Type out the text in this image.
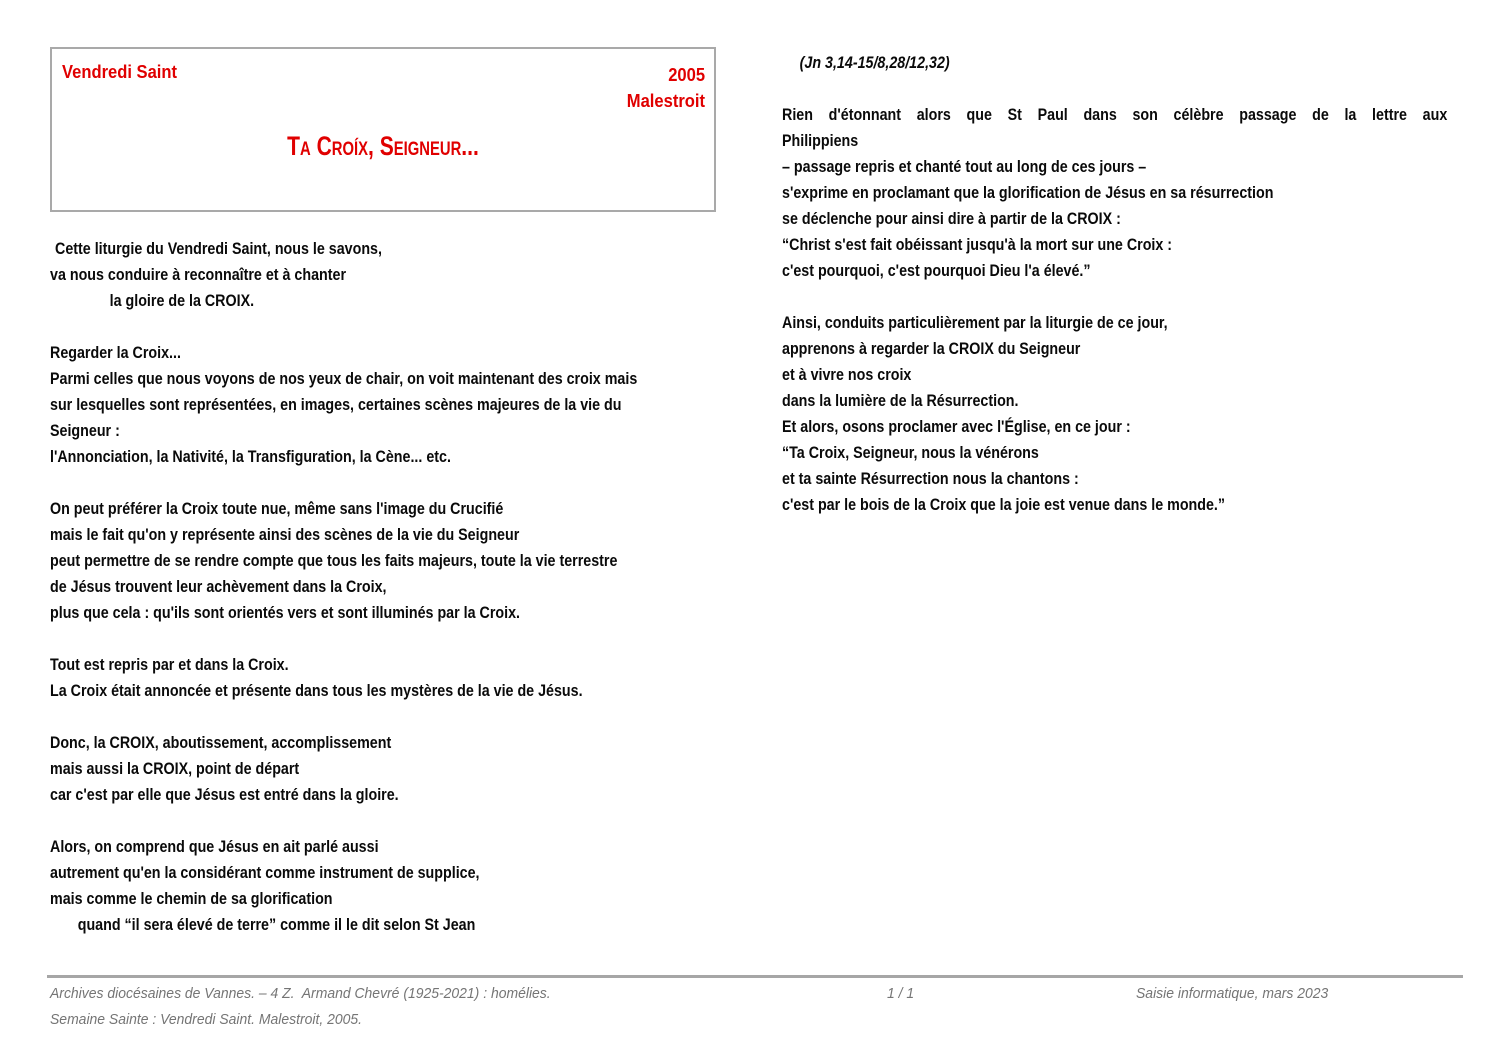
Vendredi Saint	2005
Malestroit
Ta Croíx, Seigneur...
Cette liturgie du Vendredi Saint, nous le savons,
va nous conduire à reconnaître et à chanter
la gloire de la CROIX.
Regarder la Croix...
Parmi celles que nous voyons de nos yeux de chair, on voit maintenant des croix mais
sur lesquelles sont représentées, en images, certaines scènes majeures de la vie du
Seigneur :
l'Annonciation, la Nativité, la Transfiguration, la Cène... etc.
On peut préférer la Croix toute nue, même sans l'image du Crucifié
mais le fait qu'on y représente ainsi des scènes de la vie du Seigneur
peut permettre de se rendre compte que tous les faits majeurs, toute la vie terrestre
de Jésus trouvent leur achèvement dans la Croix,
plus que cela : qu'ils sont orientés vers et sont illuminés par la Croix.
Tout est repris par et dans la Croix.
La Croix était annoncée et présente dans tous les mystères de la vie de Jésus.
Donc, la CROIX, aboutissement, accomplissement
mais aussi la CROIX, point de départ
car c'est par elle que Jésus est entré dans la gloire.
Alors, on comprend que Jésus en ait parlé aussi
autrement qu'en la considérant comme instrument de supplice,
mais comme le chemin de sa glorification
quand “il sera élevé de terre” comme il le dit selon St Jean
(Jn 3,14-15/8,28/12,32)
Rien d'étonnant alors que St Paul dans son célèbre passage de la lettre aux
Philippiens
– passage repris et chanté tout au long de ces jours –
s'exprime en proclamant que la glorification de Jésus en sa résurrection
se déclenche pour ainsi dire à partir de la CROIX :
“Christ s'est fait obéissant jusqu'à la mort sur une Croix :
c'est pourquoi, c'est pourquoi Dieu l'a élevé.”
Ainsi, conduits particulièrement par la liturgie de ce jour,
apprenons à regarder la CROIX du Seigneur
et à vivre nos croix
dans la lumière de la Résurrection.
Et alors, osons proclamer avec l'Église, en ce jour :
“Ta Croix, Seigneur, nous la vénérons
et ta sainte Résurrection nous la chantons :
c'est par le bois de la Croix que la joie est venue dans le monde.”
Archives diocésaines de Vannes. – 4 Z.  Armand Chevré (1925-2021) : homélies.
Semaine Sainte : Vendredi Saint. Malestroit, 2005.
1 / 1	Saisie informatique, mars 2023
